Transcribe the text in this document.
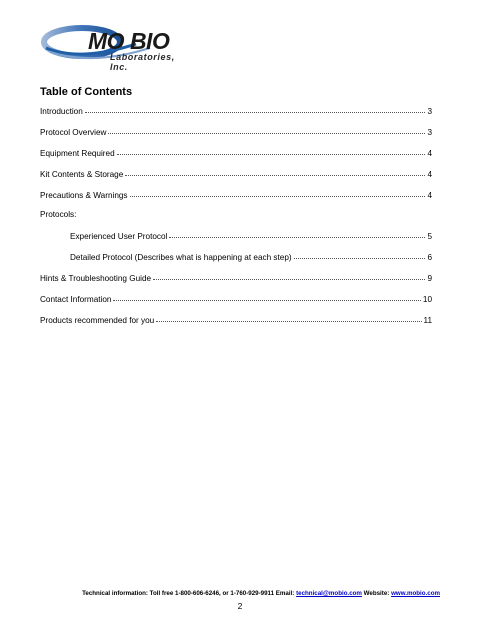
MO BIO
Laboratories, Inc.
Table of Contents
Introduction	3
Protocol Overview	3
Equipment Required	4
Kit Contents & Storage	4
Precautions & Warnings	4
Protocols:
Experienced User Protocol	5
Detailed Protocol (Describes what is happening at each step)	6
Hints & Troubleshooting Guide	9
Contact Information	10
Products recommended for you	11
Technical information: Toll free 1-800-606-6246, or 1-760-929-9911 Email: technical@mobio.com Website: www.mobio.com
2
